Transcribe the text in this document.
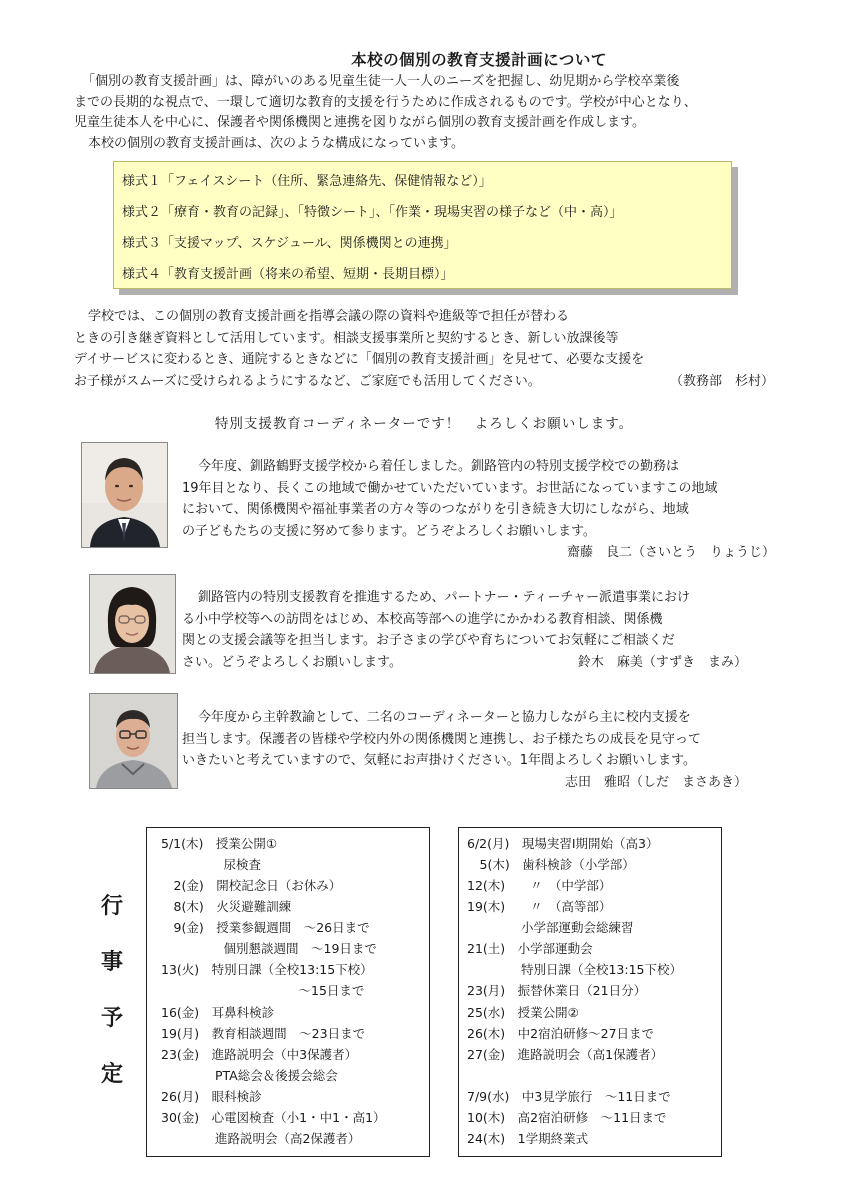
本校の個別の教育支援計画について

「個別の教育支援計画」は、障がいのある児童生徒一人一人のニーズを把握し、幼児期から学校卒業後

までの長期的な視点で、一環して適切な教育的支援を行うために作成されるものです。学校が中心となり、

児童生徒本人を中心に、保護者や関係機関と連携を図りながら個別の教育支援計画を作成します。

本校の個別の教育支援計画は、次のような構成になっています。

様式１「フェイスシート（住所、緊急連絡先、保健情報など）」
様式２「療育・教育の記録」、「特徴シート」、「作業・現場実習の様子など（中・高）」
様式３「支援マップ、スケジュール、関係機関との連携」
様式４「教育支援計画（将来の希望、短期・長期目標）」

学校では、この個別の教育支援計画を指導会議の際の資料や進級等で担任が替わる

ときの引き継ぎ資料として活用しています。相談支援事業所と契約するとき、新しい放課後等

デイサービスに変わるとき、通院するときなどに「個別の教育支援計画」を見せて、必要な支援を

お子様がスムーズに受けられるようにするなど、ご家庭でも活用してください。	（教務部　杉村）

特別支援教育コーディネーターです！　よろしくお願いします。

今年度、釧路鶴野支援学校から着任しました。釧路管内の特別支援学校での勤務は

19年目となり、長くこの地域で働かせていただいています。お世話になっていますこの地域

において、関係機関や福祉事業者の方々等のつながりを引き続き大切にしながら、地域

の子どもたちの支援に努めて参ります。どうぞよろしくお願いします。

齋藤　良二（さいとう　りょうじ）

釧路管内の特別支援教育を推進するため、パートナー・ティーチャー派遣事業におけ

る小中学校等への訪問をはじめ、本校高等部への進学にかかわる教育相談、関係機

関との支援会議等を担当します。お子さまの学びや育ちについてお気軽にご相談くだ

さい。どうぞよろしくお願いします。	鈴木　麻美（すずき　まみ）

今年度から主幹教諭として、二名のコーディネーターと協力しながら主に校内支援を

担当します。保護者の皆様や学校内外の関係機関と連携し、お子様たちの成長を見守って

いきたいと考えていますので、気軽にお声掛けください。1年間よろしくお願いします。

志田　雅昭（しだ　まさあき）

行
事
予
定
5/1(木)　授業公開①
　　　　　尿検査
　2(金)　開校記念日（お休み）
　8(木)　火災避難訓練
　9(金)　授業参観週間　～26日まで
　　　　　個別懇談週間　～19日まで
13(火)　特別日課（全校13:15下校）
　　　　　　　　　　　～15日まで
16(金)　耳鼻科検診
19(月)　教育相談週間　～23日まで
23(金)　進路説明会（中3保護者）
　　　　 PTA総会＆後援会総会
26(月)　眼科検診
30(金)　心電図検査（小1・中1・高1）
　　　　 進路説明会（高2保護者）
6/2(月)　現場実習Ⅰ期開始（高3）
　5(木)　歯科検診（小学部）
12(木)　　〃　（中学部）
19(木)　　〃　（高等部）
　　　　 小学部運動会総練習
21(土)　小学部運動会
　　　　 特別日課（全校13:15下校）
23(月)　振替休業日（21日分）
25(水)　授業公開②
26(木)　中2宿泊研修～27日まで
27(金)　進路説明会（高1保護者）
7/9(水)　中3見学旅行　～11日まで
10(木)　高2宿泊研修　～11日まで
24(木)　1学期終業式
